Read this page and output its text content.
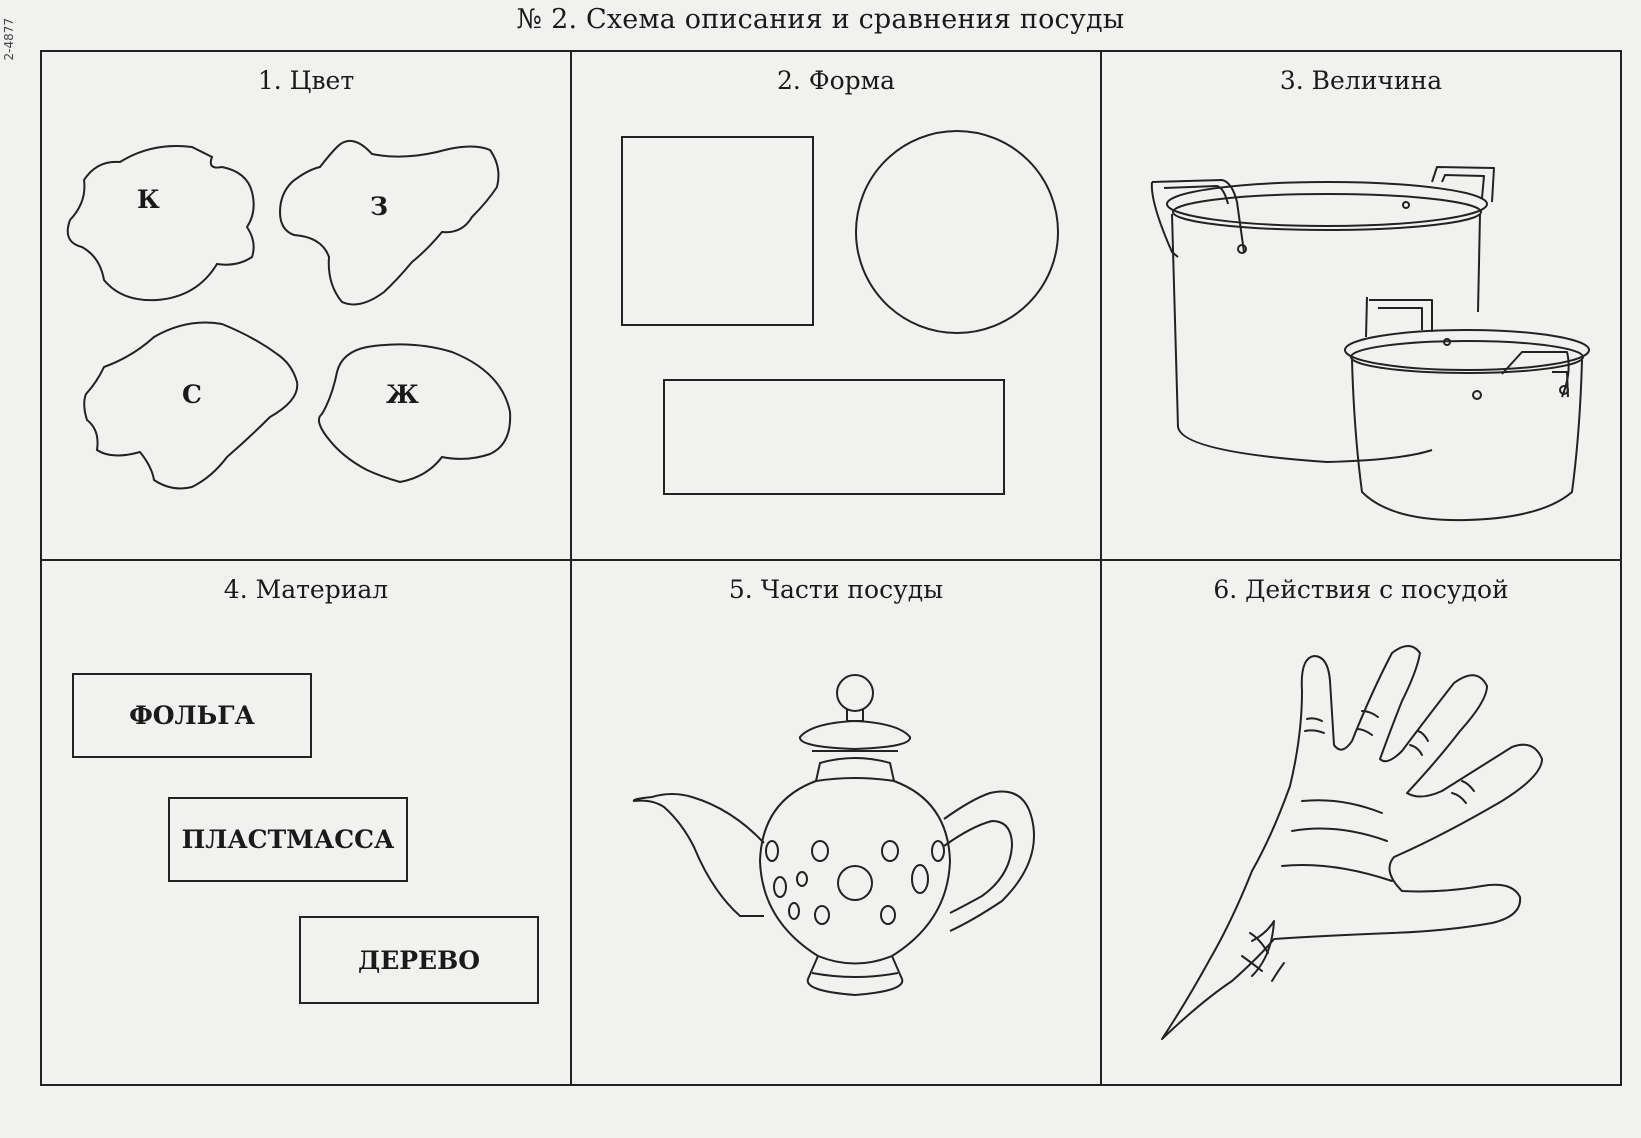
2-4877	№ 2. Схема описания и сравнения посуды
1. Цвет
К	З
С	Ж
2. Форма	3. Величина
4. Материал
ФОЛЬГА
ПЛАСТМАССА
ДЕРЕВО
5. Части посуды	6. Действия с посудой
